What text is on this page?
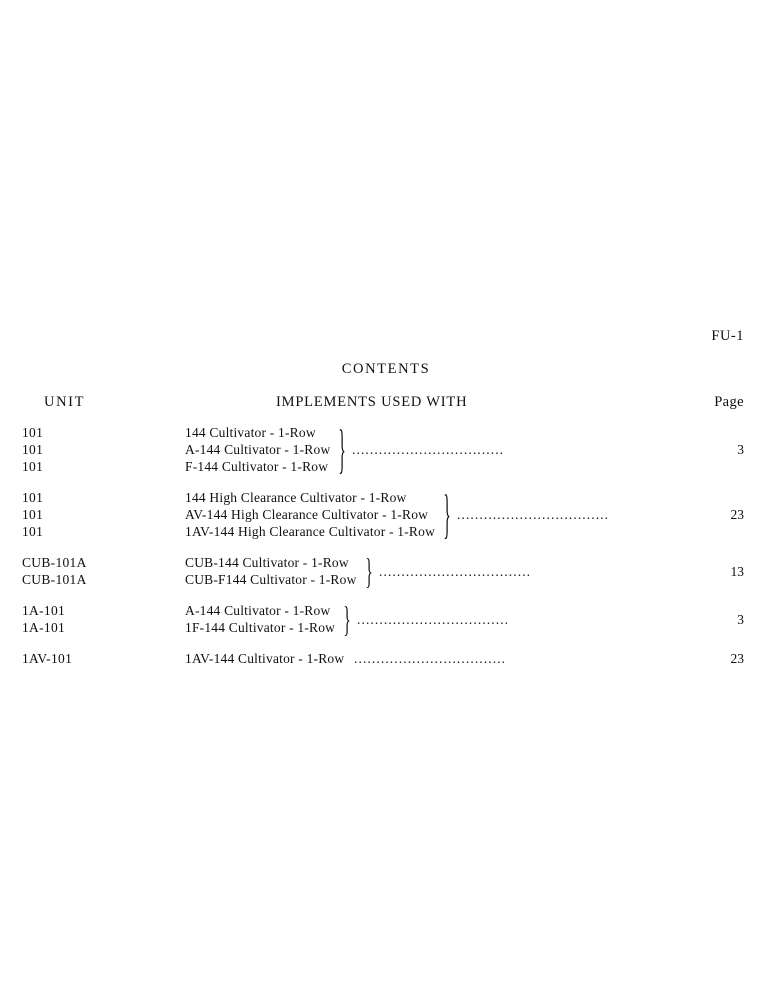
FU-1
CONTENTS
UNIT	IMPLEMENTS USED WITH	Page
101	144 Cultivator - 1-Row
101	A-144 Cultivator - 1-Row
101	F-144 Cultivator - 1-Row } ..................................	3
101	144 High Clearance Cultivator - 1-Row
101	AV-144 High Clearance Cultivator - 1-Row
101	1AV-144 High Clearance Cultivator - 1-Row } ..................................	23
CUB-101A	CUB-144 Cultivator - 1-Row
CUB-101A	CUB-F144 Cultivator - 1-Row } ..................................	13
1A-101	A-144 Cultivator - 1-Row
1A-101	1F-144 Cultivator - 1-Row } ..................................	3
1AV-101	1AV-144 Cultivator - 1-Row ..................................	23
